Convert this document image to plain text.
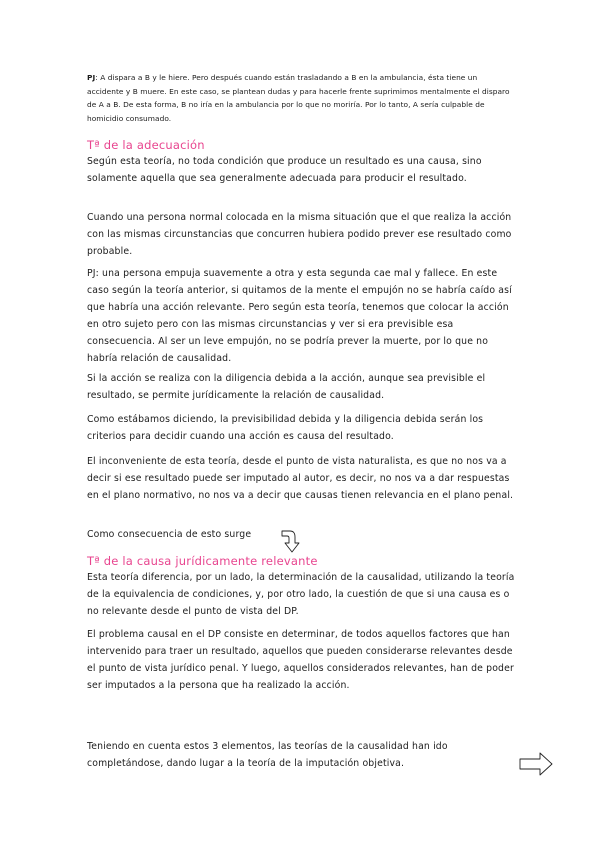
PJ: A dispara a B y le hiere. Pero después cuando están trasladando a B en la ambulancia, ésta tiene un accidente y B muere. En este caso, se plantean dudas y para hacerle frente suprimimos mentalmente el disparo de A a B. De esta forma, B no iría en la ambulancia por lo que no moriría. Por lo tanto, A sería culpable de homicidio consumado.

Tª de la adecuación

Según esta teoría, no toda condición que produce un resultado es una causa, sino solamente aquella que sea generalmente adecuada para producir el resultado.

Cuando una persona normal colocada en la misma situación que el que realiza la acción con las mismas circunstancias que concurren hubiera podido prever ese resultado como probable.

PJ: una persona empuja suavemente a otra y esta segunda cae mal y fallece. En este caso según la teoría anterior, si quitamos de la mente el empujón no se habría caído así que habría una acción relevante. Pero según esta teoría, tenemos que colocar la acción en otro sujeto pero con las mismas circunstancias y ver si era previsible esa consecuencia. Al ser un leve empujón, no se podría prever la muerte, por lo que no habría relación de causalidad.

Si la acción se realiza con la diligencia debida a la acción, aunque sea previsible el resultado, se permite jurídicamente la relación de causalidad.

Como estábamos diciendo, la previsibilidad debida y la diligencia debida serán los criterios para decidir cuando una acción es causa del resultado.

El inconveniente de esta teoría, desde el punto de vista naturalista, es que no nos va a decir si ese resultado puede ser imputado al autor, es decir, no nos va a dar respuestas en el plano normativo, no nos va a decir que causas tienen relevancia en el plano penal.

Como consecuencia de esto surge

Tª de la causa jurídicamente relevante

Esta teoría diferencia, por un lado, la determinación de la causalidad, utilizando la teoría de la equivalencia de condiciones, y, por otro lado, la cuestión de que si una causa es o no relevante desde el punto de vista del DP.

El problema causal en el DP consiste en determinar, de todos aquellos factores que han intervenido para traer un resultado, aquellos que pueden considerarse relevantes desde el punto de vista jurídico penal. Y luego, aquellos considerados relevantes, han de poder ser imputados a la persona que ha realizado la acción.

Teniendo en cuenta estos 3 elementos, las teorías de la causalidad han ido completándose, dando lugar a la teoría de la imputación objetiva.
